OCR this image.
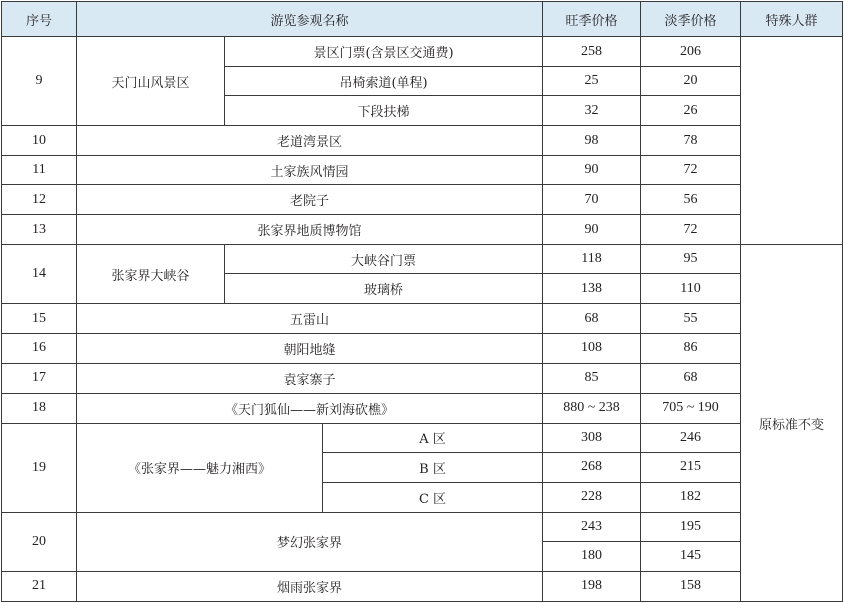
序号	游览参观名称			旺季价格	淡季价格	特殊人群
9	天门山风景区	景区门票(含景区交通费)		258	206	
		吊椅索道(单程)		25	20	
		下段扶梯		32	26	
10	老道湾景区			98	78	
11	土家族风情园			90	72	
12	老院子			70	56	
13	张家界地质博物馆			90	72	
14	张家界大峡谷	大峡谷门票		118	95	原标准不变
		玻璃桥		138	110	
15	五雷山			68	55	
16	朝阳地缝			108	86	
17	袁家寨子			85	68	
18	《天门狐仙——新刘海砍樵》			880 ~ 238	705 ~ 190	
19	《张家界——魅力湘西》		A 区	308	246	
			B 区	268	215	
			C 区	228	182	
20	梦幻张家界			243	195	
				180	145	
21	烟雨张家界			198	158	
